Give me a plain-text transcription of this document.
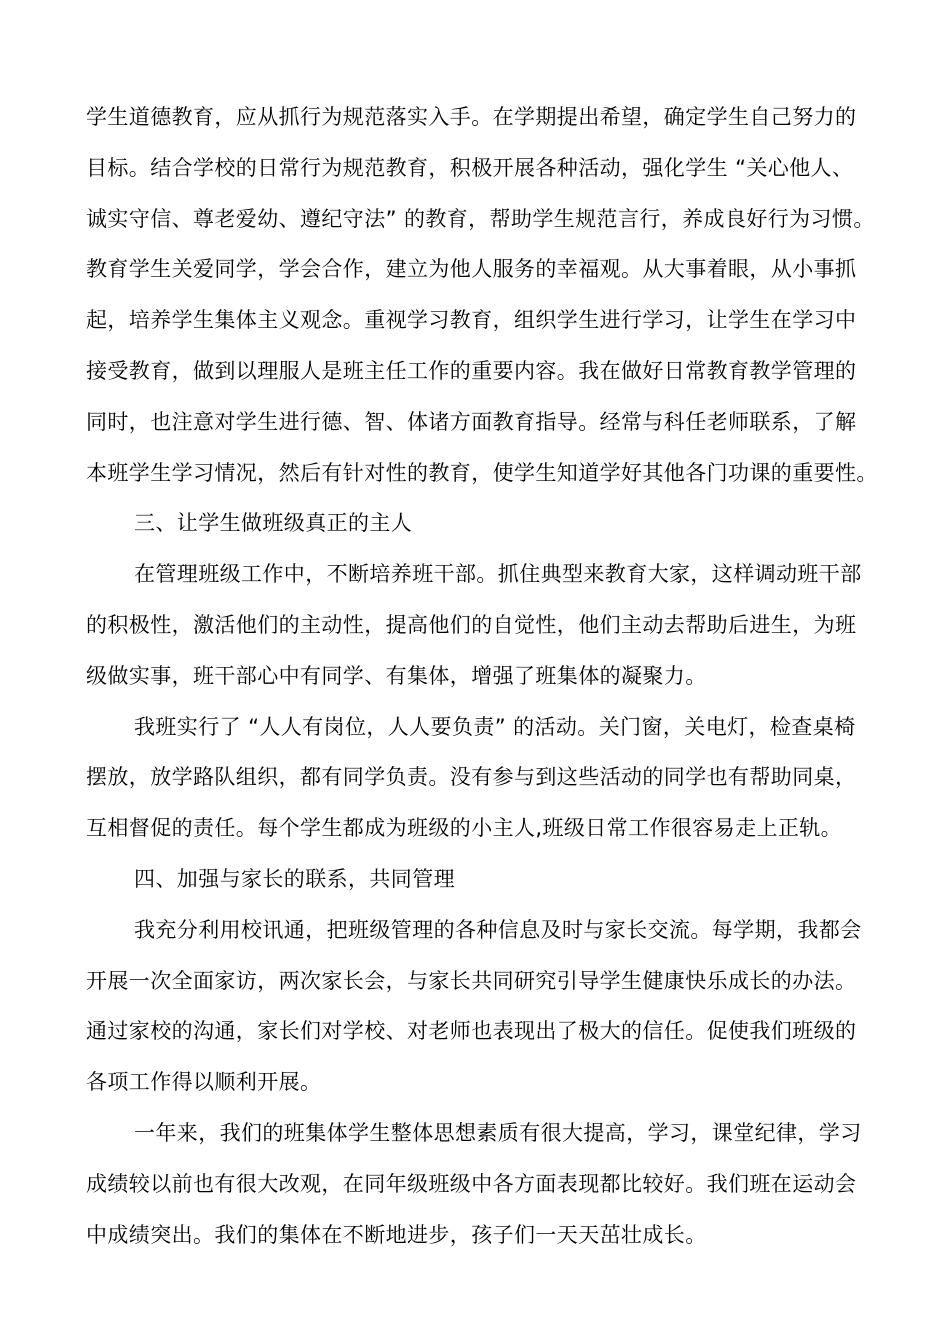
学生道德教育，应从抓行为规范落实入手。在学期提出希望，确定学生自己努力的
目标。结合学校的日常行为规范教育，积极开展各种活动，强化学生 “关心他人、
诚实守信、尊老爱幼、遵纪守法” 的教育，帮助学生规范言行，养成良好行为习惯。
教育学生关爱同学，学会合作，建立为他人服务的幸福观。从大事着眼，从小事抓
起，培养学生集体主义观念。重视学习教育，组织学生进行学习，让学生在学习中
接受教育，做到以理服人是班主任工作的重要内容。我在做好日常教育教学管理的
同时，也注意对学生进行德、智、体诸方面教育指导。经常与科任老师联系，了解
本班学生学习情况，然后有针对性的教育，使学生知道学好其他各门功课的重要性。

三、让学生做班级真正的主人

在管理班级工作中，不断培养班干部。抓住典型来教育大家，这样调动班干部
的积极性，激活他们的主动性，提高他们的自觉性，他们主动去帮助后进生，为班
级做实事，班干部心中有同学、有集体，增强了班集体的凝聚力。

我班实行了 “人人有岗位，人人要负责” 的活动。关门窗，关电灯，检查桌椅
摆放，放学路队组织，都有同学负责。没有参与到这些活动的同学也有帮助同桌，
互相督促的责任。每个学生都成为班级的小主人,班级日常工作很容易走上正轨。

四、加强与家长的联系，共同管理

我充分利用校讯通，把班级管理的各种信息及时与家长交流。每学期，我都会
开展一次全面家访，两次家长会，与家长共同研究引导学生健康快乐成长的办法。
通过家校的沟通，家长们对学校、对老师也表现出了极大的信任。促使我们班级的
各项工作得以顺利开展。

一年来，我们的班集体学生整体思想素质有很大提高，学习，课堂纪律，学习
成绩较以前也有很大改观，在同年级班级中各方面表现都比较好。我们班在运动会
中成绩突出。我们的集体在不断地进步，孩子们一天天茁壮成长。
